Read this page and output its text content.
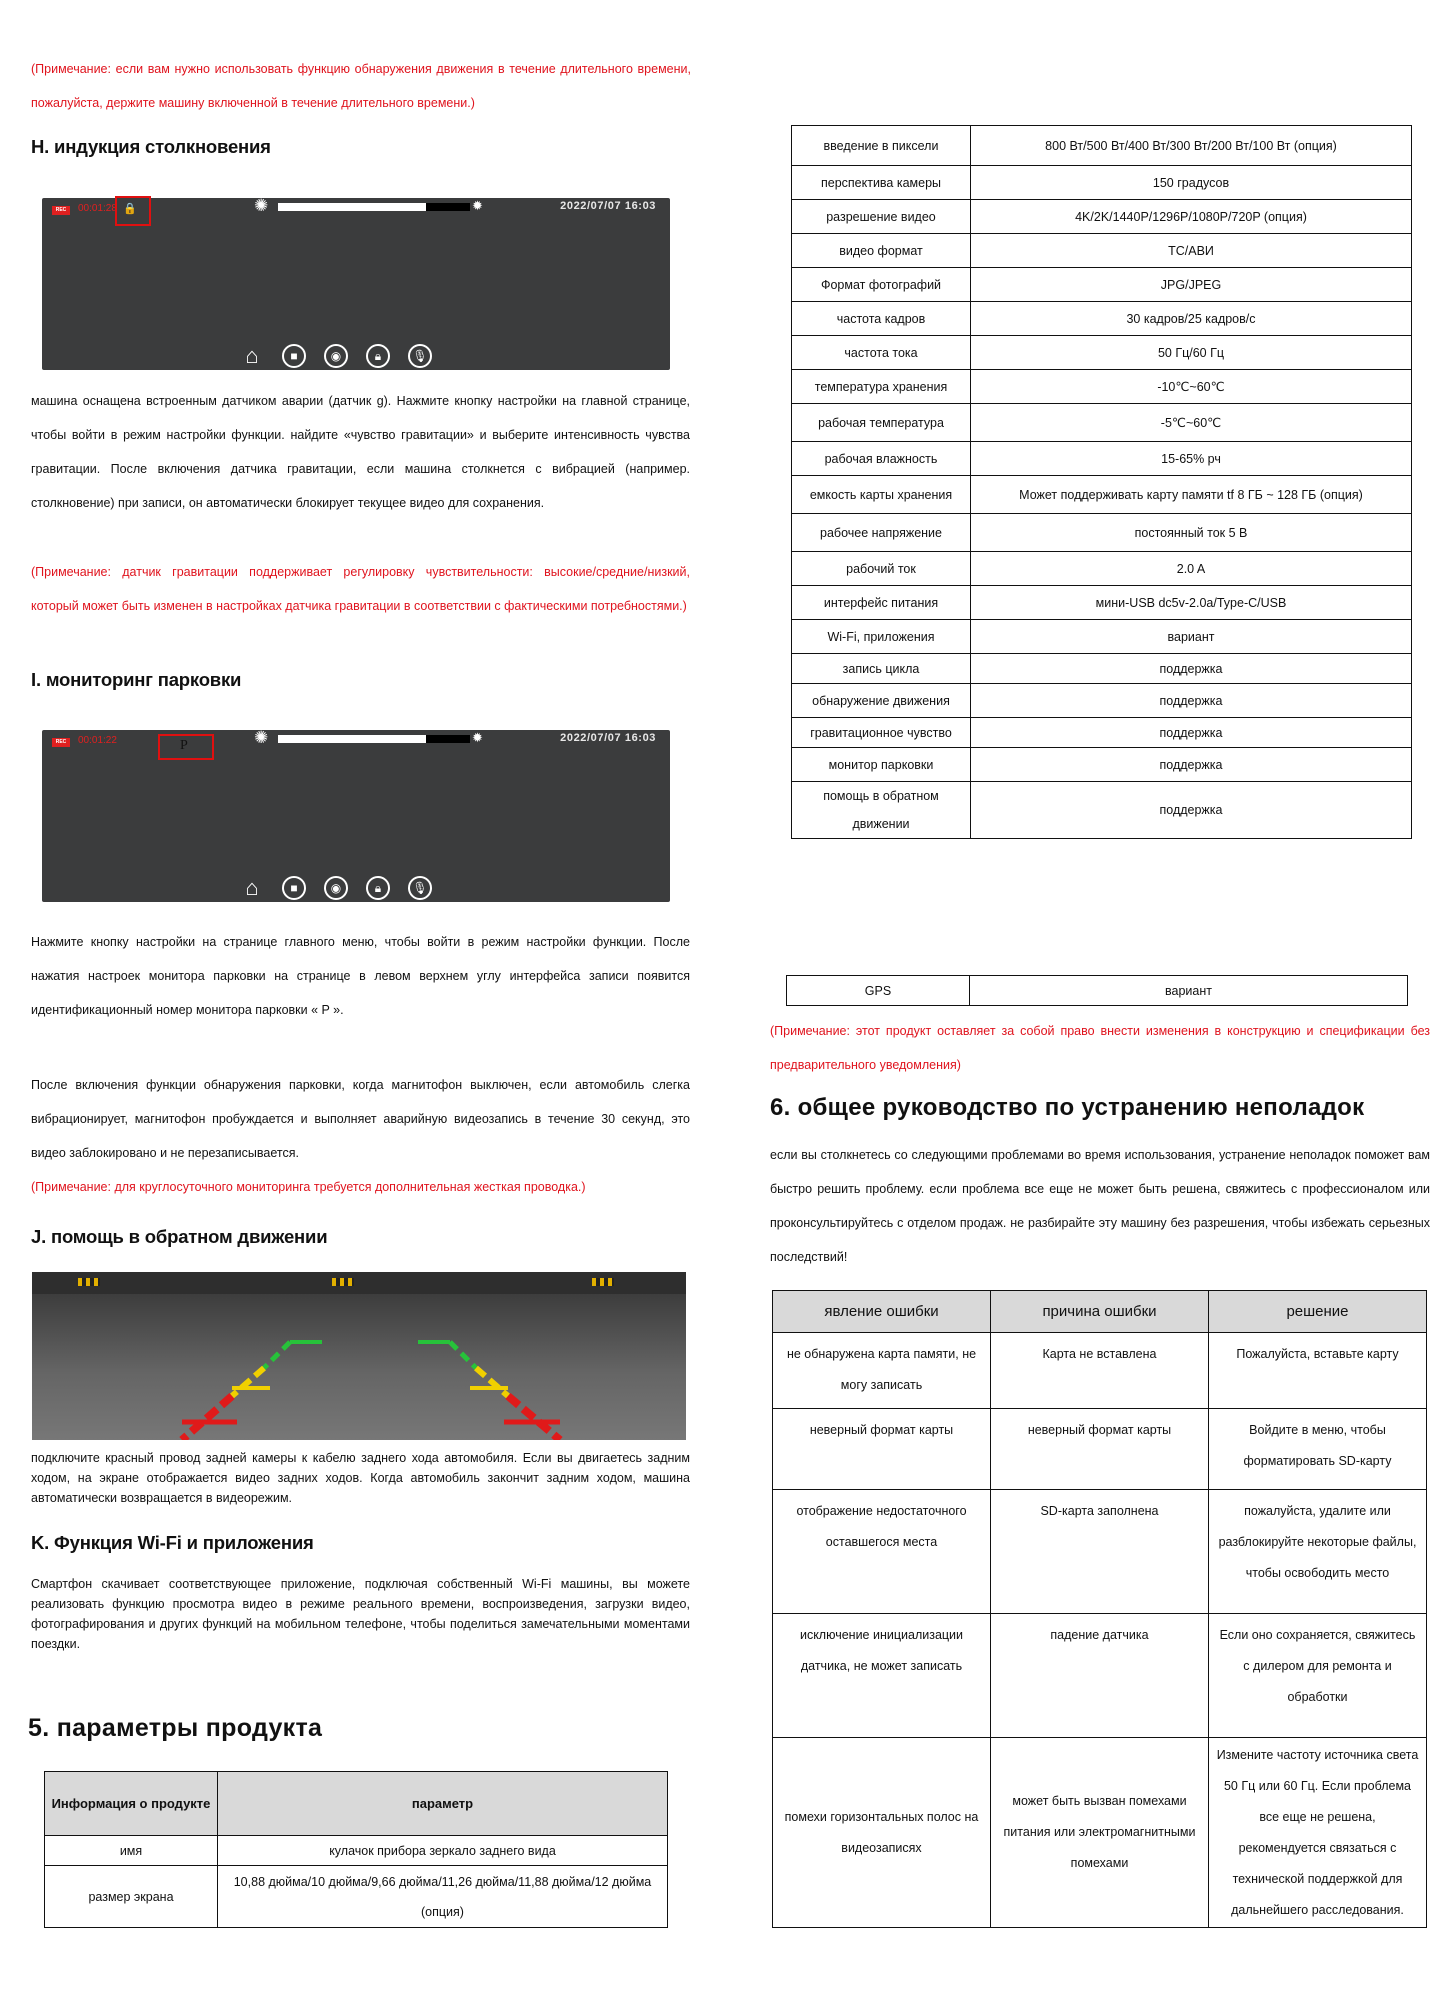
(Примечание: если вам нужно использовать функцию обнаружения движения в течение длительного времени, пожалуйста, держите машину включенной в течение длительного времени.)

H. индукция столкновения
REC	00:01:28 🔒	✺	✹	2022/07/07 16:03
⌂	■	◉	🔒︎	🎙︎

машина оснащена встроенным датчиком аварии (датчик g). Нажмите кнопку настройки на главной странице, чтобы войти в режим настройки функции. найдите «чувство гравитации» и выберите интенсивность чувства гравитации. После включения датчика гравитации, если машина столкнется с вибрацией (например. столкновение) при записи, он автоматически блокирует текущее видео для сохранения.

(Примечание: датчик гравитации поддерживает регулировку чувствительности: высокие/средние/низкий, который может быть изменен в настройках датчика гравитации в соответствии с фактическими потребностями.)

I. мониторинг парковки
REC	00:01:22	P	✺	✹	2022/07/07 16:03
⌂	■	◉	🔒︎	🎙︎

Нажмите кнопку настройки на странице главного меню, чтобы войти в режим настройки функции. После нажатия настроек монитора парковки на странице в левом верхнем углу интерфейса записи появится идентификационный номер монитора парковки « P ».

После включения функции обнаружения парковки, когда магнитофон выключен, если автомобиль слегка вибрационирует, магнитофон пробуждается и выполняет аварийную видеозапись в течение 30 секунд, это видео заблокировано и не перезаписывается.

(Примечание: для круглосуточного мониторинга требуется дополнительная жесткая проводка.)

J. помощь в обратном движении

подключите красный провод задней камеры к кабелю заднего хода автомобиля. Если вы двигаетесь задним ходом, на экране отображается видео задних ходов. Когда автомобиль закончит задним ходом, машина автоматически возвращается в видеорежим.

K. Функция Wi-Fi и приложения

Смартфон скачивает соответствующее приложение, подключая собственный Wi-Fi машины, вы можете реализовать функцию просмотра видео в режиме реального времени, воспроизведения, загрузки видео, фотографирования и других функций на мобильном телефоне, чтобы поделиться замечательными моментами поездки.

5. параметры продукта
Информация о продукте	параметр
имя	кулачок прибора зеркало заднего вида
размер экрана	10,88 дюйма/10 дюйма/9,66 дюйма/11,26 дюйма/11,88 дюйма/12 дюйма (опция)
введение в пиксели	800 Вт/500 Вт/400 Вт/300 Вт/200 Вт/100 Вт (опция)
перспектива камеры	150 градусов
разрешение видео	4K/2K/1440P/1296P/1080P/720P (опция)
видео формат	TC/АВИ
Формат фотографий	JPG/JPEG
частота кадров	30 кадров/25 кадров/с
частота тока	50 Гц/60 Гц
температура хранения	-10℃~60℃
рабочая температура	-5℃~60℃
рабочая влажность	15-65% рч
емкость карты хранения	Может поддерживать карту памяти tf 8 ГБ ~ 128 ГБ (опция)
рабочее напряжение	постоянный ток 5 В
рабочий ток	2.0 A
интерфейс питания	мини-USB dc5v-2.0a/Type-C/USB
Wi-Fi, приложения	вариант
запись цикла	поддержка
обнаружение движения	поддержка
гравитационное чувство	поддержка
монитор парковки	поддержка
помощь в обратном движении	поддержка
GPS	вариант

(Примечание: этот продукт оставляет за собой право внести изменения в конструкцию и спецификации без предварительного уведомления)

6. общее руководство по устранению неполадок

если вы столкнетесь со следующими проблемами во время использования, устранение неполадок поможет вам быстро решить проблему. если проблема все еще не может быть решена, свяжитесь с профессионалом или проконсультируйтесь с отделом продаж. не разбирайте эту машину без разрешения, чтобы избежать серьезных последствий!

явление ошибки	причина ошибки	решение
не обнаружена карта памяти, не могу записать	Карта не вставлена	Пожалуйста, вставьте карту
неверный формат карты	неверный формат карты	Войдите в меню, чтобы форматировать SD-карту
отображение недостаточного оставшегося места	SD-карта заполнена	пожалуйста, удалите или разблокируйте некоторые файлы, чтобы освободить место
исключение инициализации датчика, не может записать	падение датчика	Если оно сохраняется, свяжитесь с дилером для ремонта и обработки
помехи горизонтальных полос на видеозаписях	может быть вызван помехами питания или электромагнитными помехами	Измените частоту источника света 50 Гц или 60 Гц. Если проблема все еще не решена, рекомендуется связаться с технической поддержкой для дальнейшего расследования.
